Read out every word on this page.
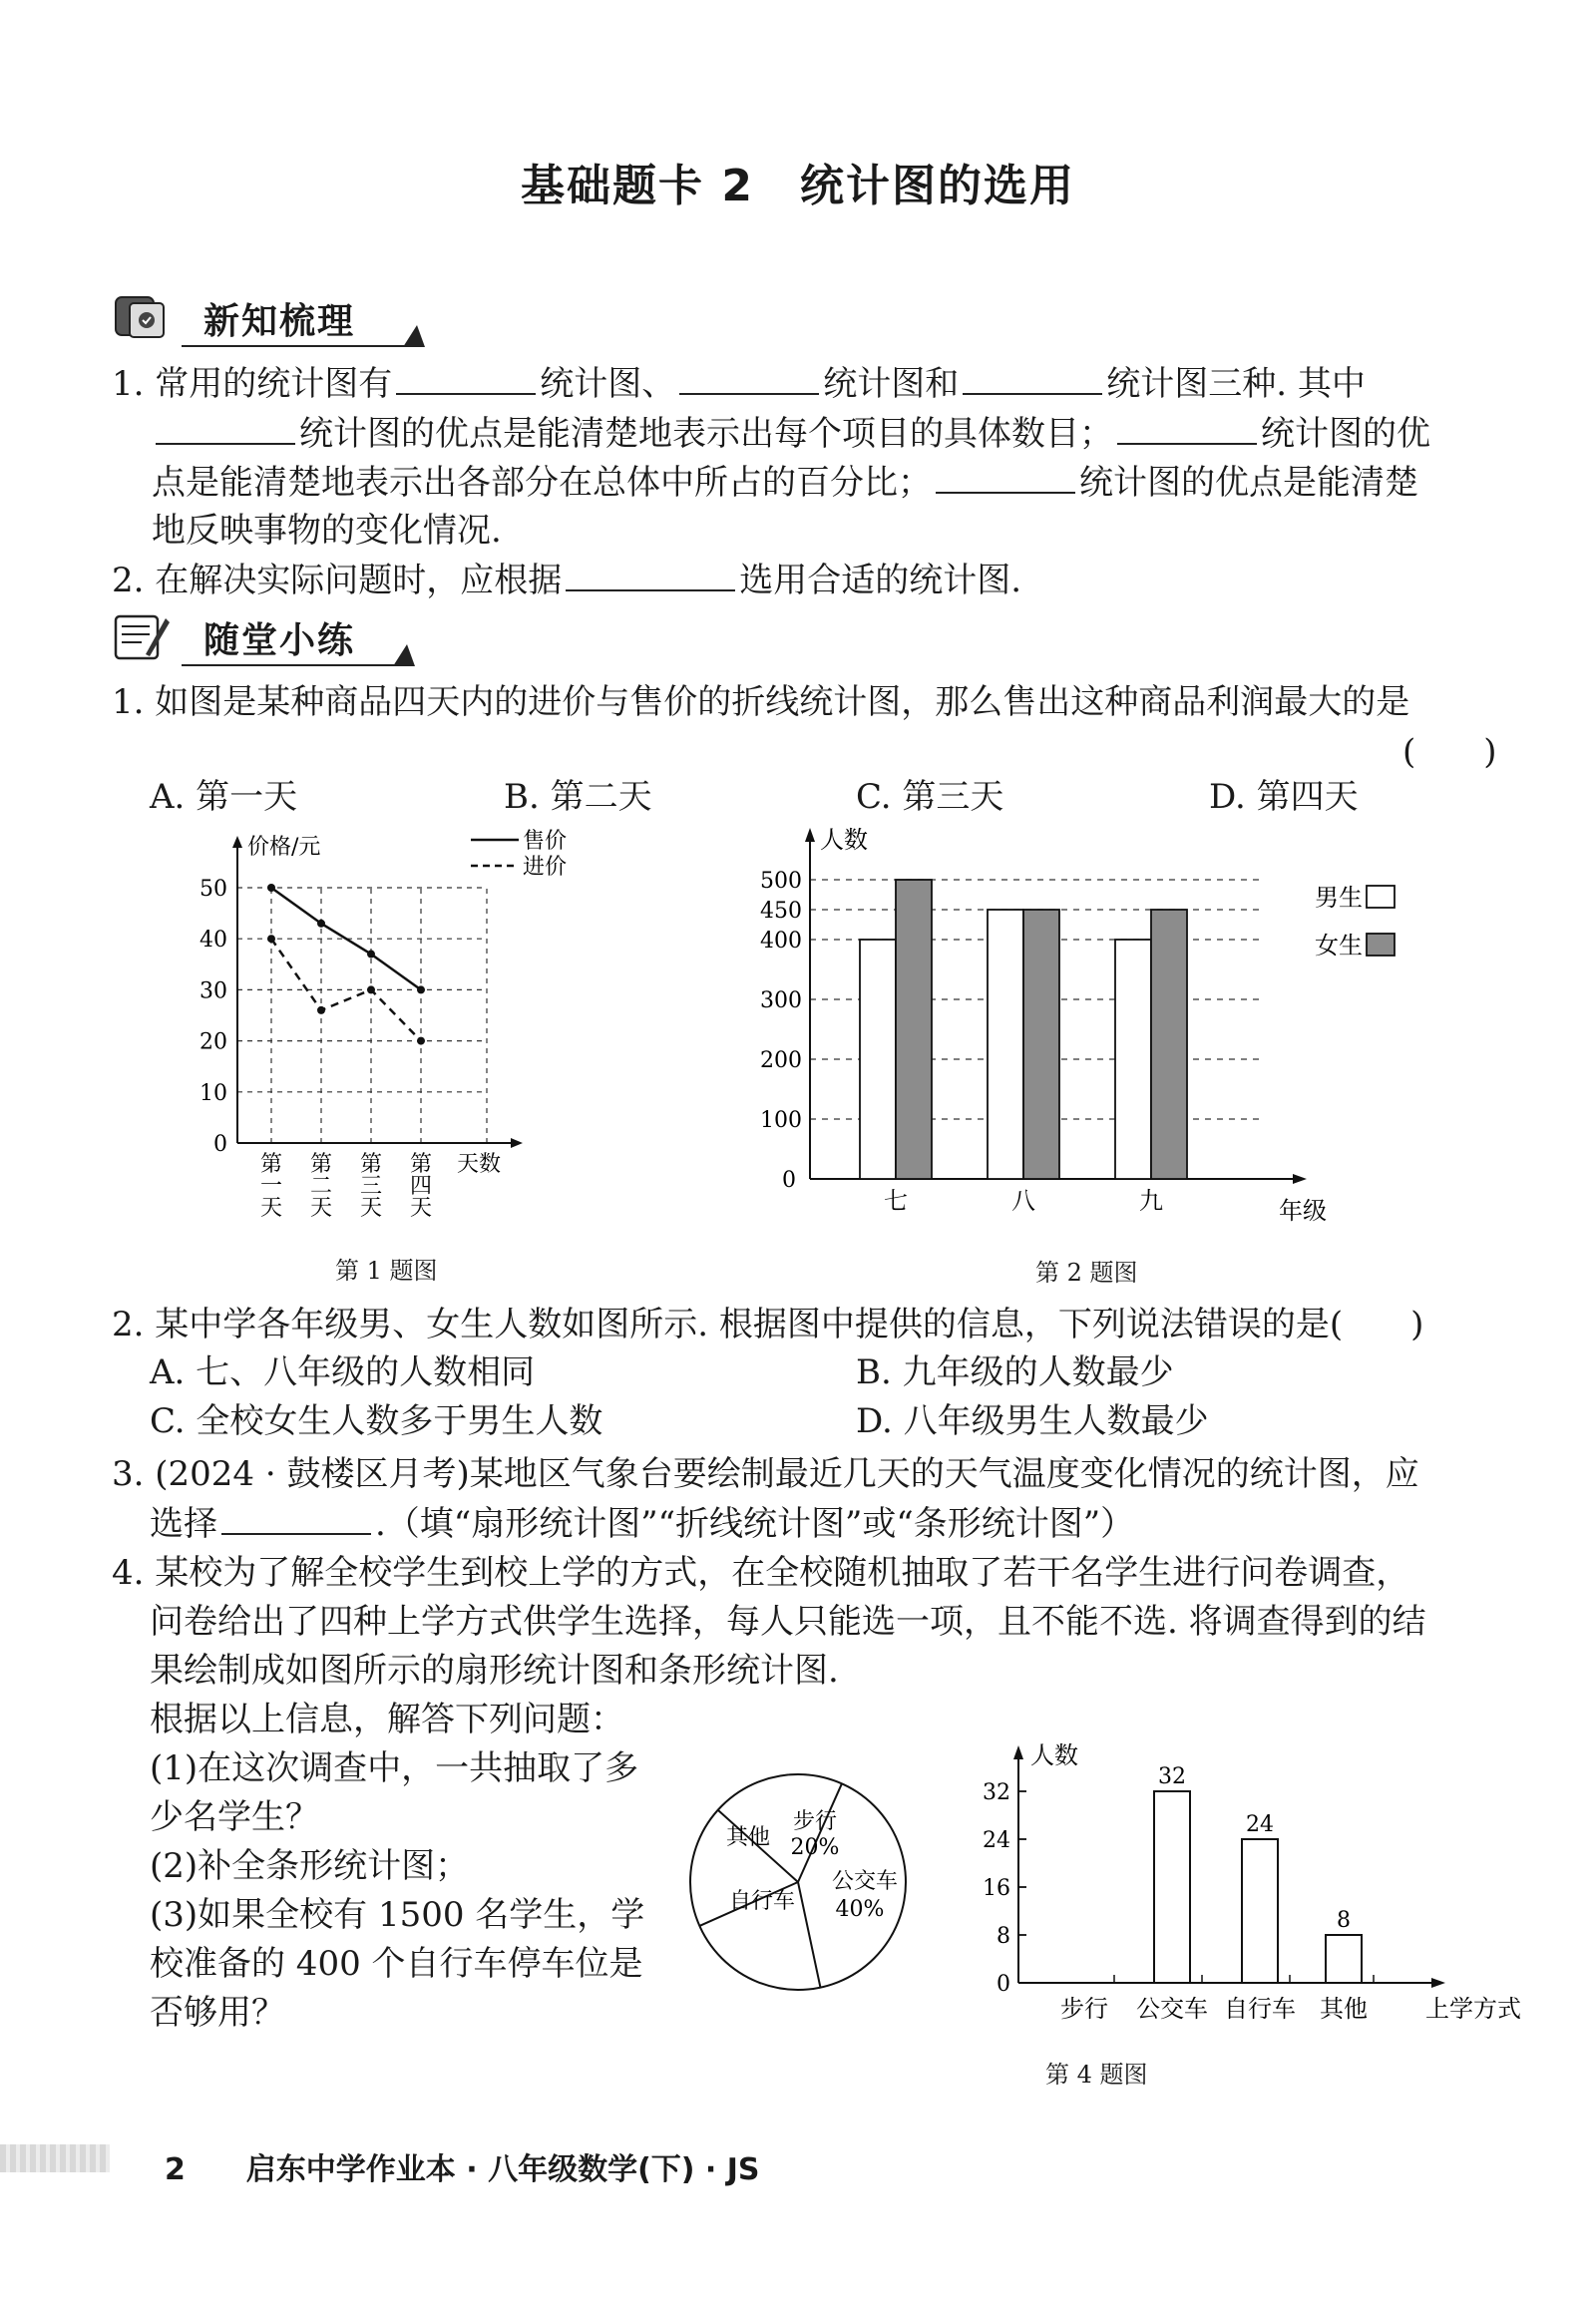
基础题卡 2 统计图的选用
新知梳理
1. 常用的统计图有	统计图、	统计图和	统计图三种. 其中
统计图的优点是能清楚地表示出每个项目的具体数目；	统计图的优
点是能清楚地表示出各部分在总体中所占的百分比；	统计图的优点是能清楚
地反映事物的变化情况.
2. 在解决实际问题时，应根据	选用合适的统计图.
随堂小练
1. 如图是某种商品四天内的进价与售价的折线统计图，那么售出这种商品利润最大的是
(　　)
A. 第一天	B. 第二天	C. 第三天	D. 第四天
0
10
20
30
40
50
第
一
天
第
二
天
第
三
天
第
四
天
天数
价格/元	售价
进价
第 1 题图
100
200
300
400
450
500
0
人数
年级
七	八	九
男生
女生
第 2 题图
2. 某中学各年级男、女生人数如图所示. 根据图中提供的信息，下列说法错误的是(　　)
A. 七、八年级的人数相同	B. 九年级的人数最少
C. 全校女生人数多于男生人数	D. 八年级男生人数最少
3. (2024 · 鼓楼区月考)某地区气象台要绘制最近几天的天气温度变化情况的统计图，应
选择	.（填“扇形统计图”“折线统计图”或“条形统计图”）
4. 某校为了解全校学生到校上学的方式，在全校随机抽取了若干名学生进行问卷调查，
问卷给出了四种上学方式供学生选择，每人只能选一项，且不能不选. 将调查得到的结
果绘制成如图所示的扇形统计图和条形统计图.
根据以上信息，解答下列问题：
(1)在这次调查中，一共抽取了多
少名学生？
(2)补全条形统计图；
(3)如果全校有 1500 名学生，学
校准备的 400 个自行车停车位是
否够用？
步行
20%
公交车
40%
自行车
其他
0
8
16
24
32
人数
步行
32
公交车
24
自行车
8
其他 上学方式
第 4 题图
2 启东中学作业本 · 八年级数学(下) · JS
